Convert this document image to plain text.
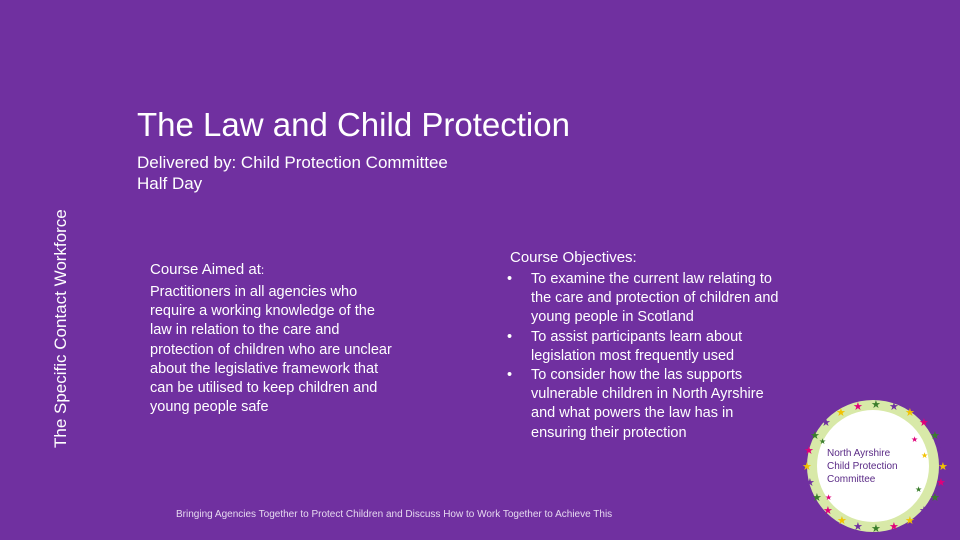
The Specific Contact Workforce
The Law and Child Protection
Delivered by: Child Protection Committee
Half Day
Course Aimed at:
Practitioners in all agencies who require a working knowledge of the law in relation to the care and protection of children who are unclear about the legislative framework that can be utilised to keep children and young people safe
Course Objectives:
• To examine the current law relating to the care and protection of children and young people in Scotland
• To assist participants learn about legislation most frequently used
• To consider how the las supports vulnerable children in North Ayrshire and what powers the law has in ensuring their protection
Bringing Agencies Together to Protect Children and Discuss How to Work Together to Achieve This
★ ★ ★ ★
★
★
★
★
★
★
★
★
★
★
★
★
★
★
★
★
★
★
★
★
★
★
★
★
★
North Ayrshire
Child Protection
Committee
